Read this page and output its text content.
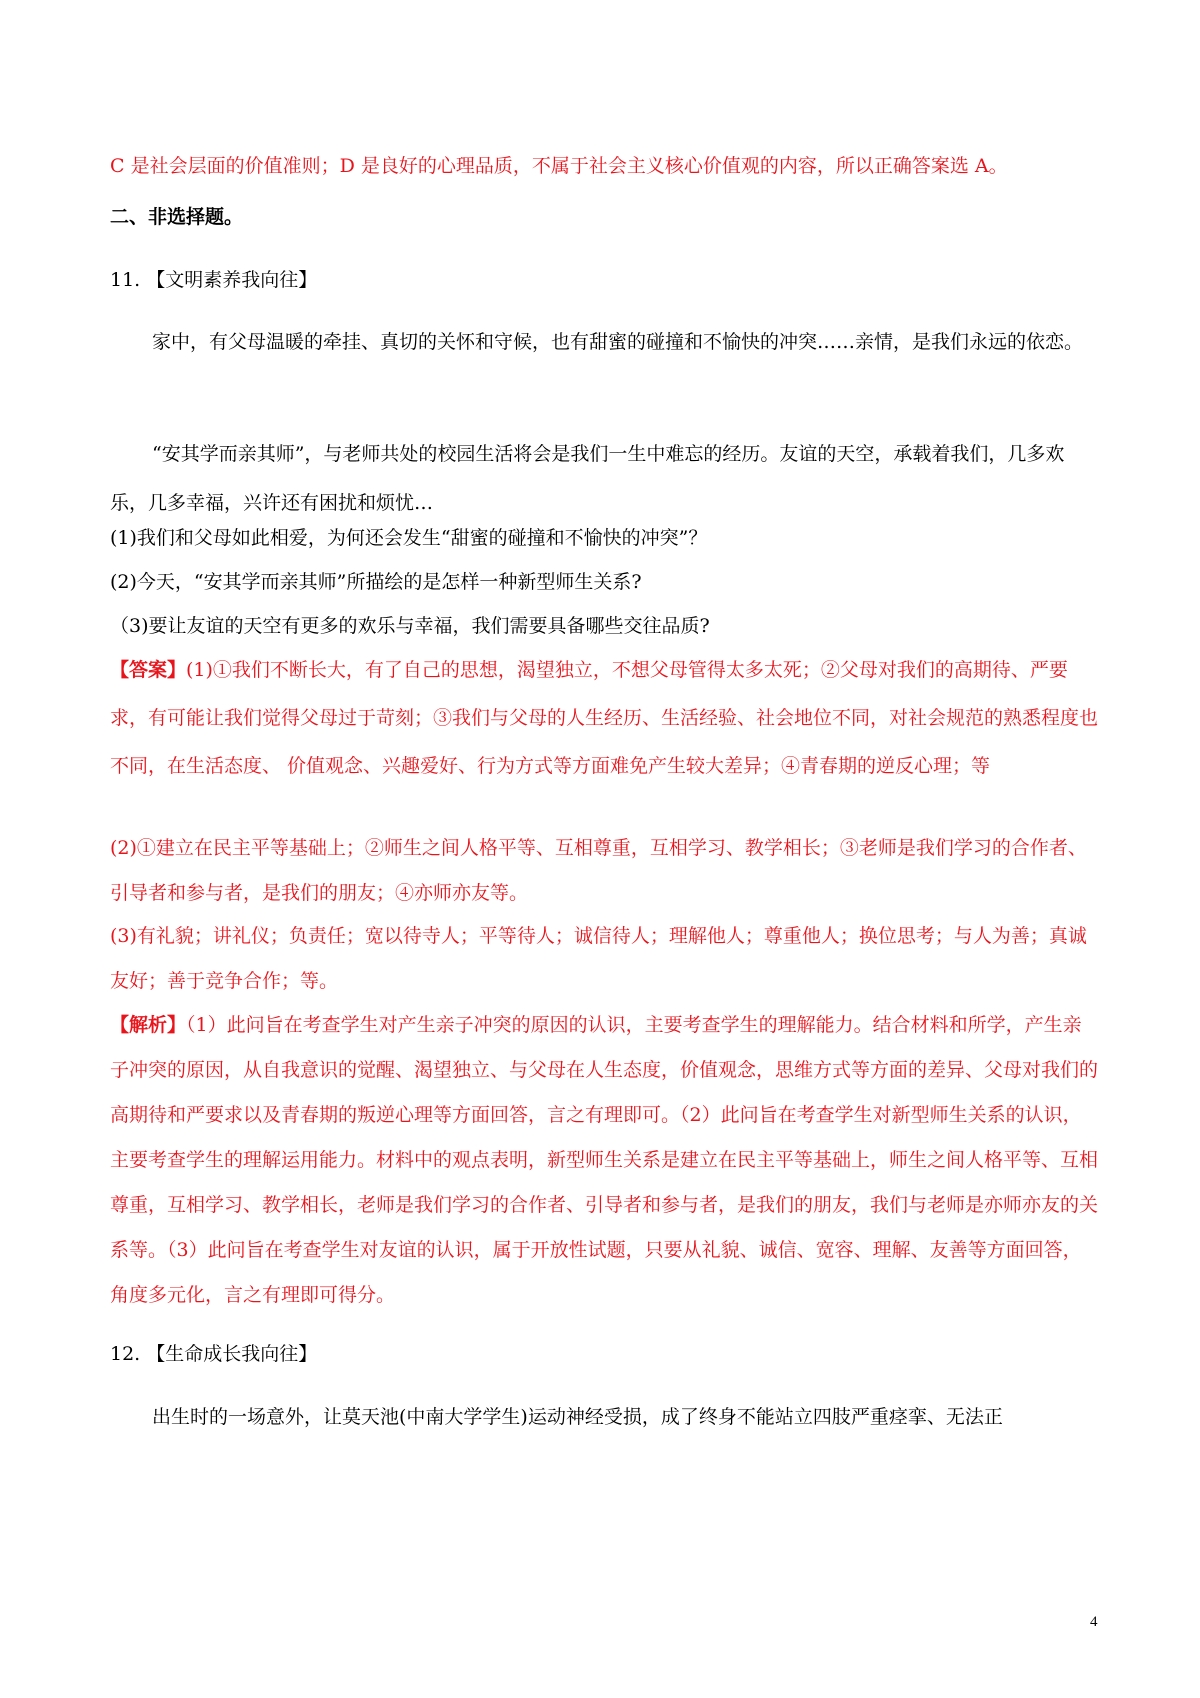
C 是社会层面的价值准则；D 是良好的心理品质，不属于社会主义核心价值观的内容，所以正确答案选 A。

二、非选择题。

11. 【文明素养我向往】

家中，有父母温暖的牵挂、真切的关怀和守候，也有甜蜜的碰撞和不愉快的冲突……亲情，是我们永远的依恋。

“安其学而亲其师”，与老师共处的校园生活将会是我们一生中难忘的经历。友谊的天空，承载着我们，几多欢乐，几多幸福，兴许还有困扰和烦忧…

(1)我们和父母如此相爱，为何还会发生“甜蜜的碰撞和不愉快的冲突”？

(2)今天，“安其学而亲其师”所描绘的是怎样一种新型师生关系?

（3)要让友谊的天空有更多的欢乐与幸福，我们需要具备哪些交往品质?

【答案】(1)①我们不断长大，有了自己的思想，渴望独立，不想父母管得太多太死；②父母对我们的高期待、严要求，有可能让我们觉得父母过于苛刻；③我们与父母的人生经历、生活经验、社会地位不同，对社会规范的熟悉程度也不同，在生活态度、 价值观念、兴趣爱好、行为方式等方面难免产生较大差异；④青春期的逆反心理；等

(2)①建立在民主平等基础上；②师生之间人格平等、互相尊重，互相学习、教学相长；③老师是我们学习的合作者、引导者和参与者，是我们的朋友；④亦师亦友等。

(3)有礼貌；讲礼仪；负责任；宽以待寺人；平等待人；诚信待人；理解他人；尊重他人；换位思考；与人为善；真诚友好；善于竞争合作；等。

【解析】（1）此问旨在考查学生对产生亲子冲突的原因的认识，主要考查学生的理解能力。结合材料和所学，产生亲子冲突的原因，从自我意识的觉醒、渴望独立、与父母在人生态度，价值观念，思维方式等方面的差异、父母对我们的高期待和严要求以及青春期的叛逆心理等方面回答，言之有理即可。（2）此问旨在考查学生对新型师生关系的认识，主要考查学生的理解运用能力。材料中的观点表明，新型师生关系是建立在民主平等基础上，师生之间人格平等、互相尊重，互相学习、教学相长，老师是我们学习的合作者、引导者和参与者，是我们的朋友，我们与老师是亦师亦友的关系等。（3）此问旨在考查学生对友谊的认识，属于开放性试题，只要从礼貌、诚信、宽容、理解、友善等方面回答，角度多元化，言之有理即可得分。

12. 【生命成长我向往】

出生时的一场意外，让莫天池(中南大学学生)运动神经受损，成了终身不能站立四肢严重痉挛、无法正

4
